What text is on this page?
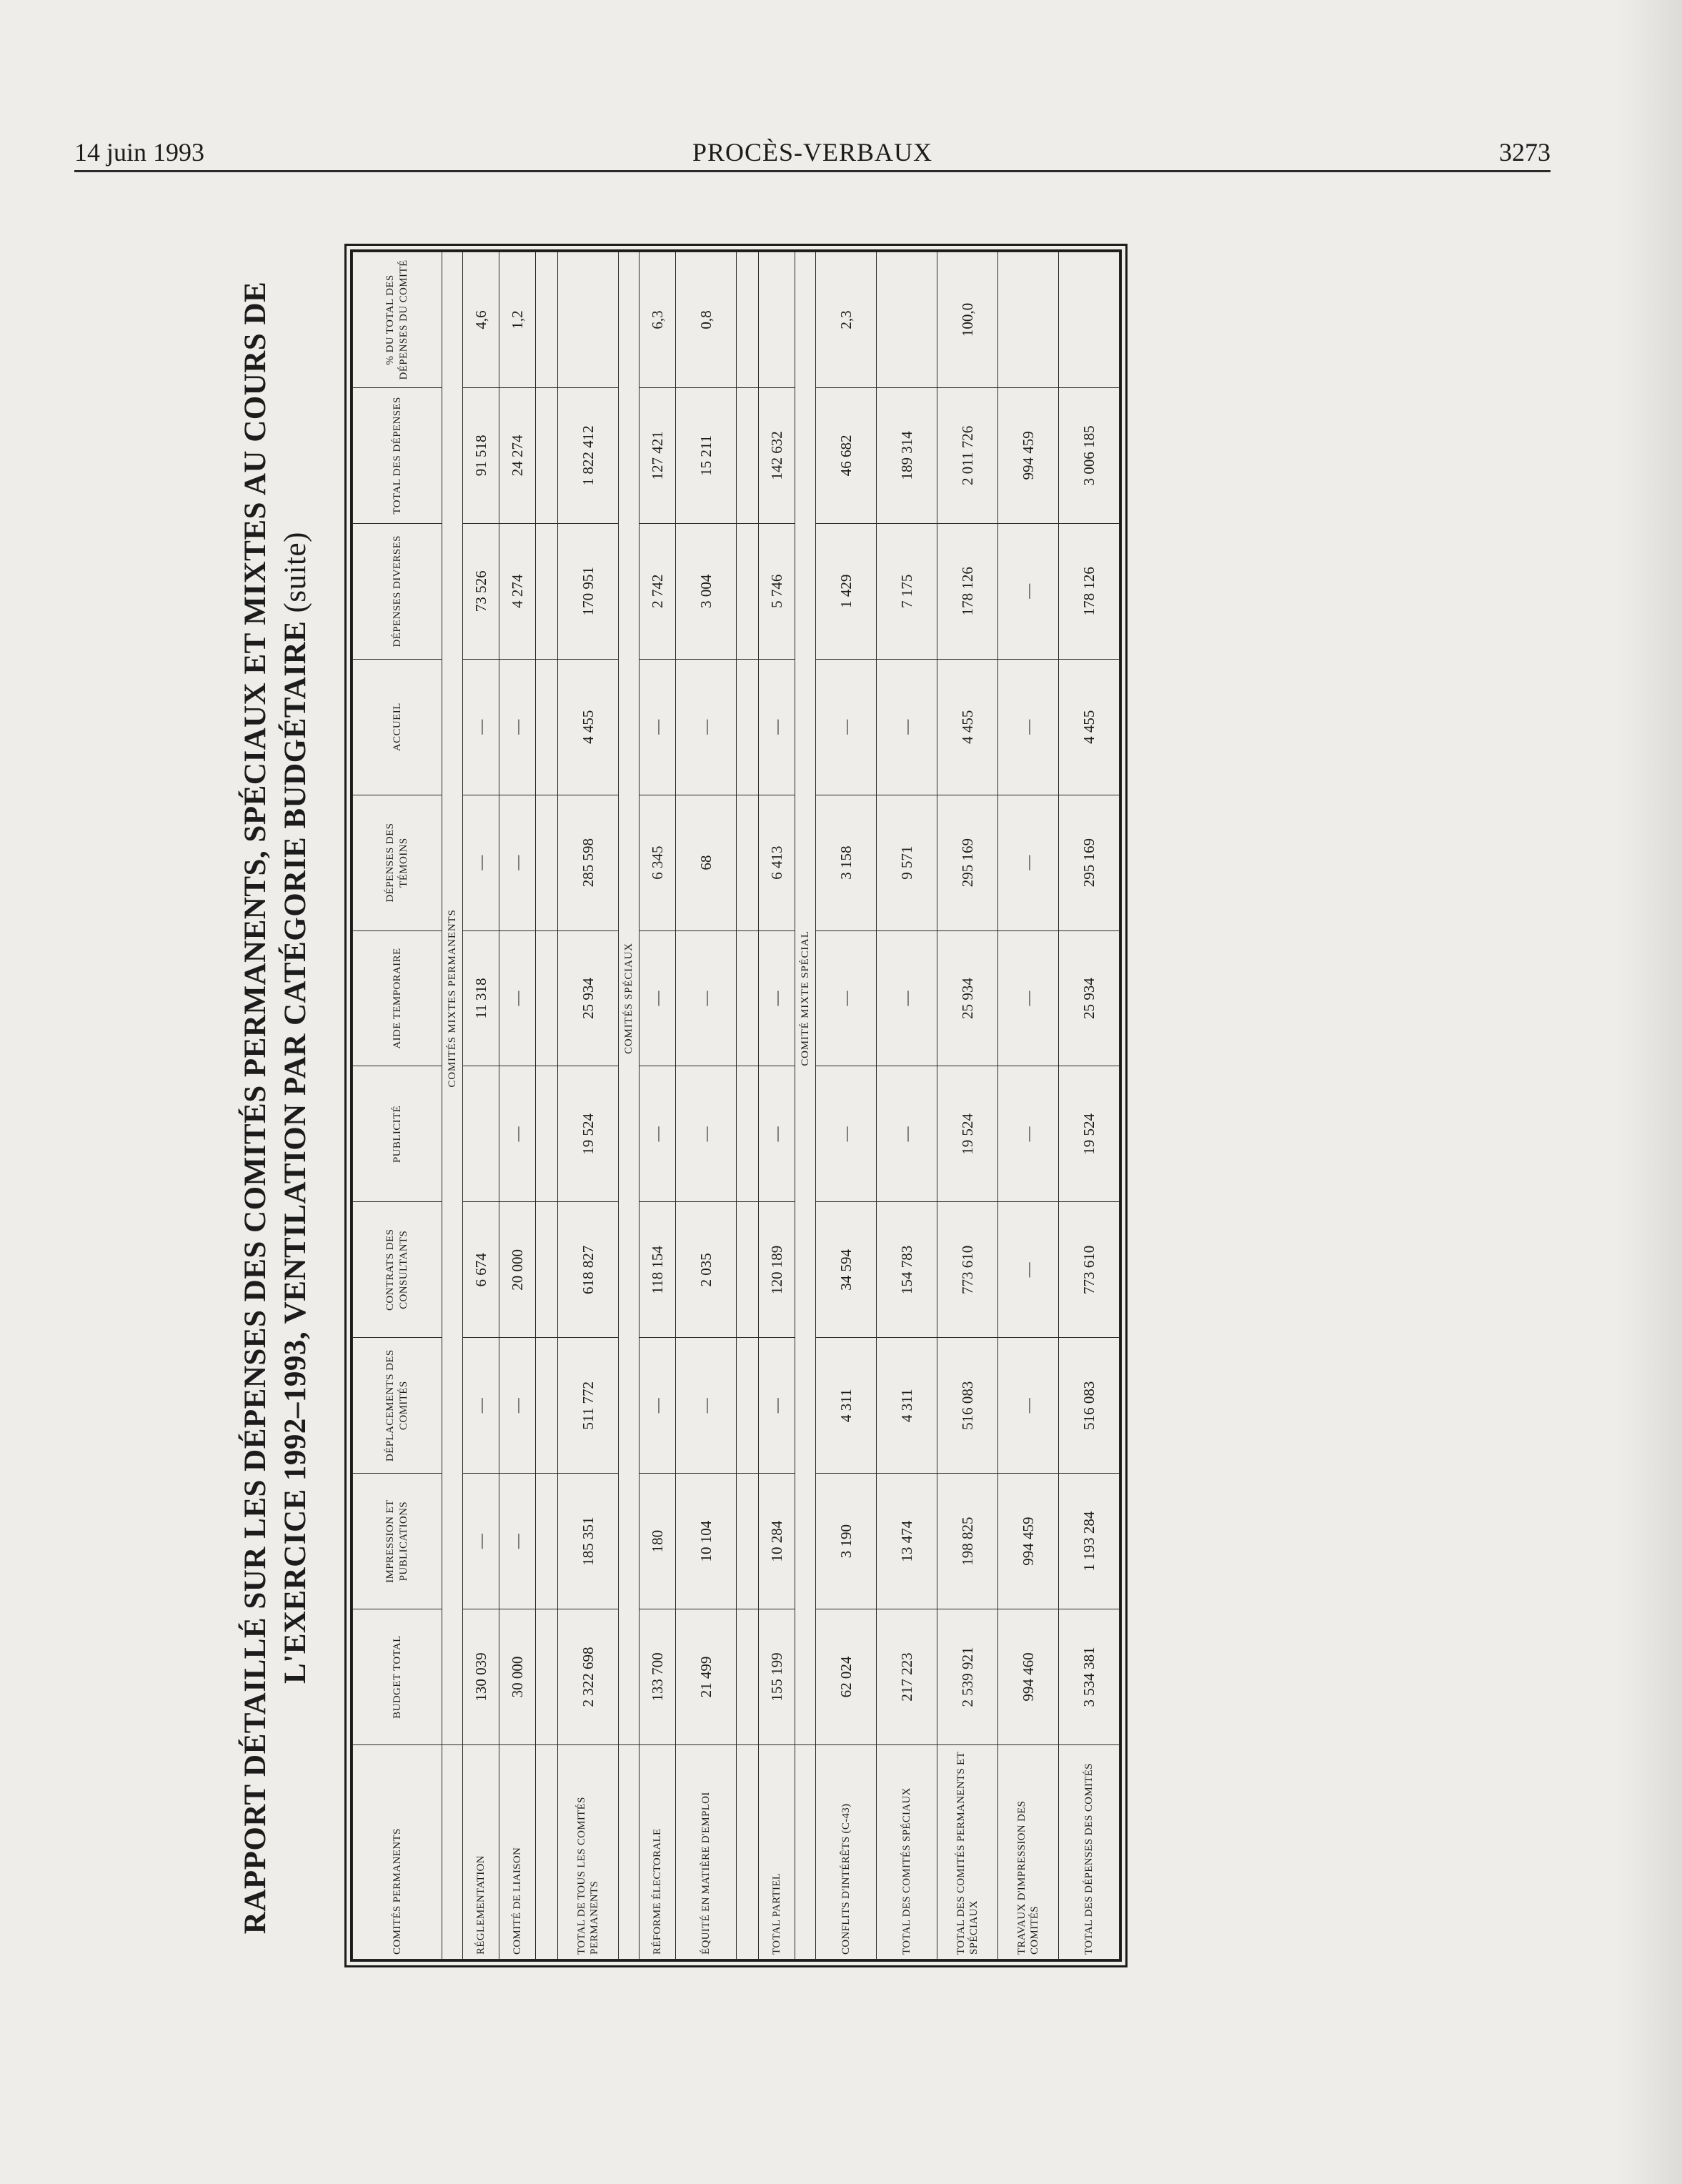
14 juin 1993	PROCÈS-VERBAUX	3273
RAPPORT DÉTAILLÉ SUR LES DÉPENSES DES COMITÉS PERMANENTS, SPÉCIAUX ET MIXTES AU COURS DE L'EXERCICE 1992–1993, VENTILATION PAR CATÉGORIE BUDGÉTAIRE (suite)
COMITÉS PERMANENTS	BUDGET TOTAL	IMPRESSION ET PUBLICATIONS	DÉPLACEMENTS DES COMITÉS	CONTRATS DES CONSULTANTS	PUBLICITÉ	AIDE TEMPORAIRE	DÉPENSES DES TÉMOINS	ACCUEIL	DÉPENSES DIVERSES	TOTAL DES DÉPENSES	% DU TOTAL DES DÉPENSES DU COMITÉ
	COMITÉS MIXTES PERMANENTS										
RÉGLEMENTATION	130 039	—	—	6 674		11 318	—	—	73 526	91 518	4,6
COMITÉ DE LIAISON	30 000	—	—	20 000	—	—	—	—	4 274	24 274	1,2

TOTAL DE TOUS LES COMITÉS PERMANENTS	2 322 698	185 351	511 772	618 827	19 524	25 934	285 598	4 455	170 951	1 822 412	
	COMITÉS SPÉCIAUX										
RÉFORME ÉLECTORALE	133 700	180	—	118 154	—	—	6 345	—	2 742	127 421	6,3
ÉQUITÉ EN MATIÈRE D'EMPLOI	21 499	10 104	—	2 035	—	—	68	—	3 004	15 211	0,8

TOTAL PARTIEL	155 199	10 284	—	120 189	—	—	6 413	—	5 746	142 632	
	COMITÉ MIXTE SPÉCIAL										
CONFLITS D'INTÉRÊTS (C-43)	62 024	3 190	4 311	34 594	—	—	3 158	—	1 429	46 682	2,3
TOTAL DES COMITÉS SPÉCIAUX	217 223	13 474	4 311	154 783	—	—	9 571	—	7 175	189 314	
TOTAL DES COMITÉS PERMANENTS ET SPÉCIAUX	2 539 921	198 825	516 083	773 610	19 524	25 934	295 169	4 455	178 126	2 011 726	100,0
TRAVAUX D'IMPRESSION DES COMITÉS	994 460	994 459	—	—	—	—	—	—	—	994 459	
TOTAL DES DÉPENSES DES COMITÉS	3 534 381	1 193 284	516 083	773 610	19 524	25 934	295 169	4 455	178 126	3 006 185	
